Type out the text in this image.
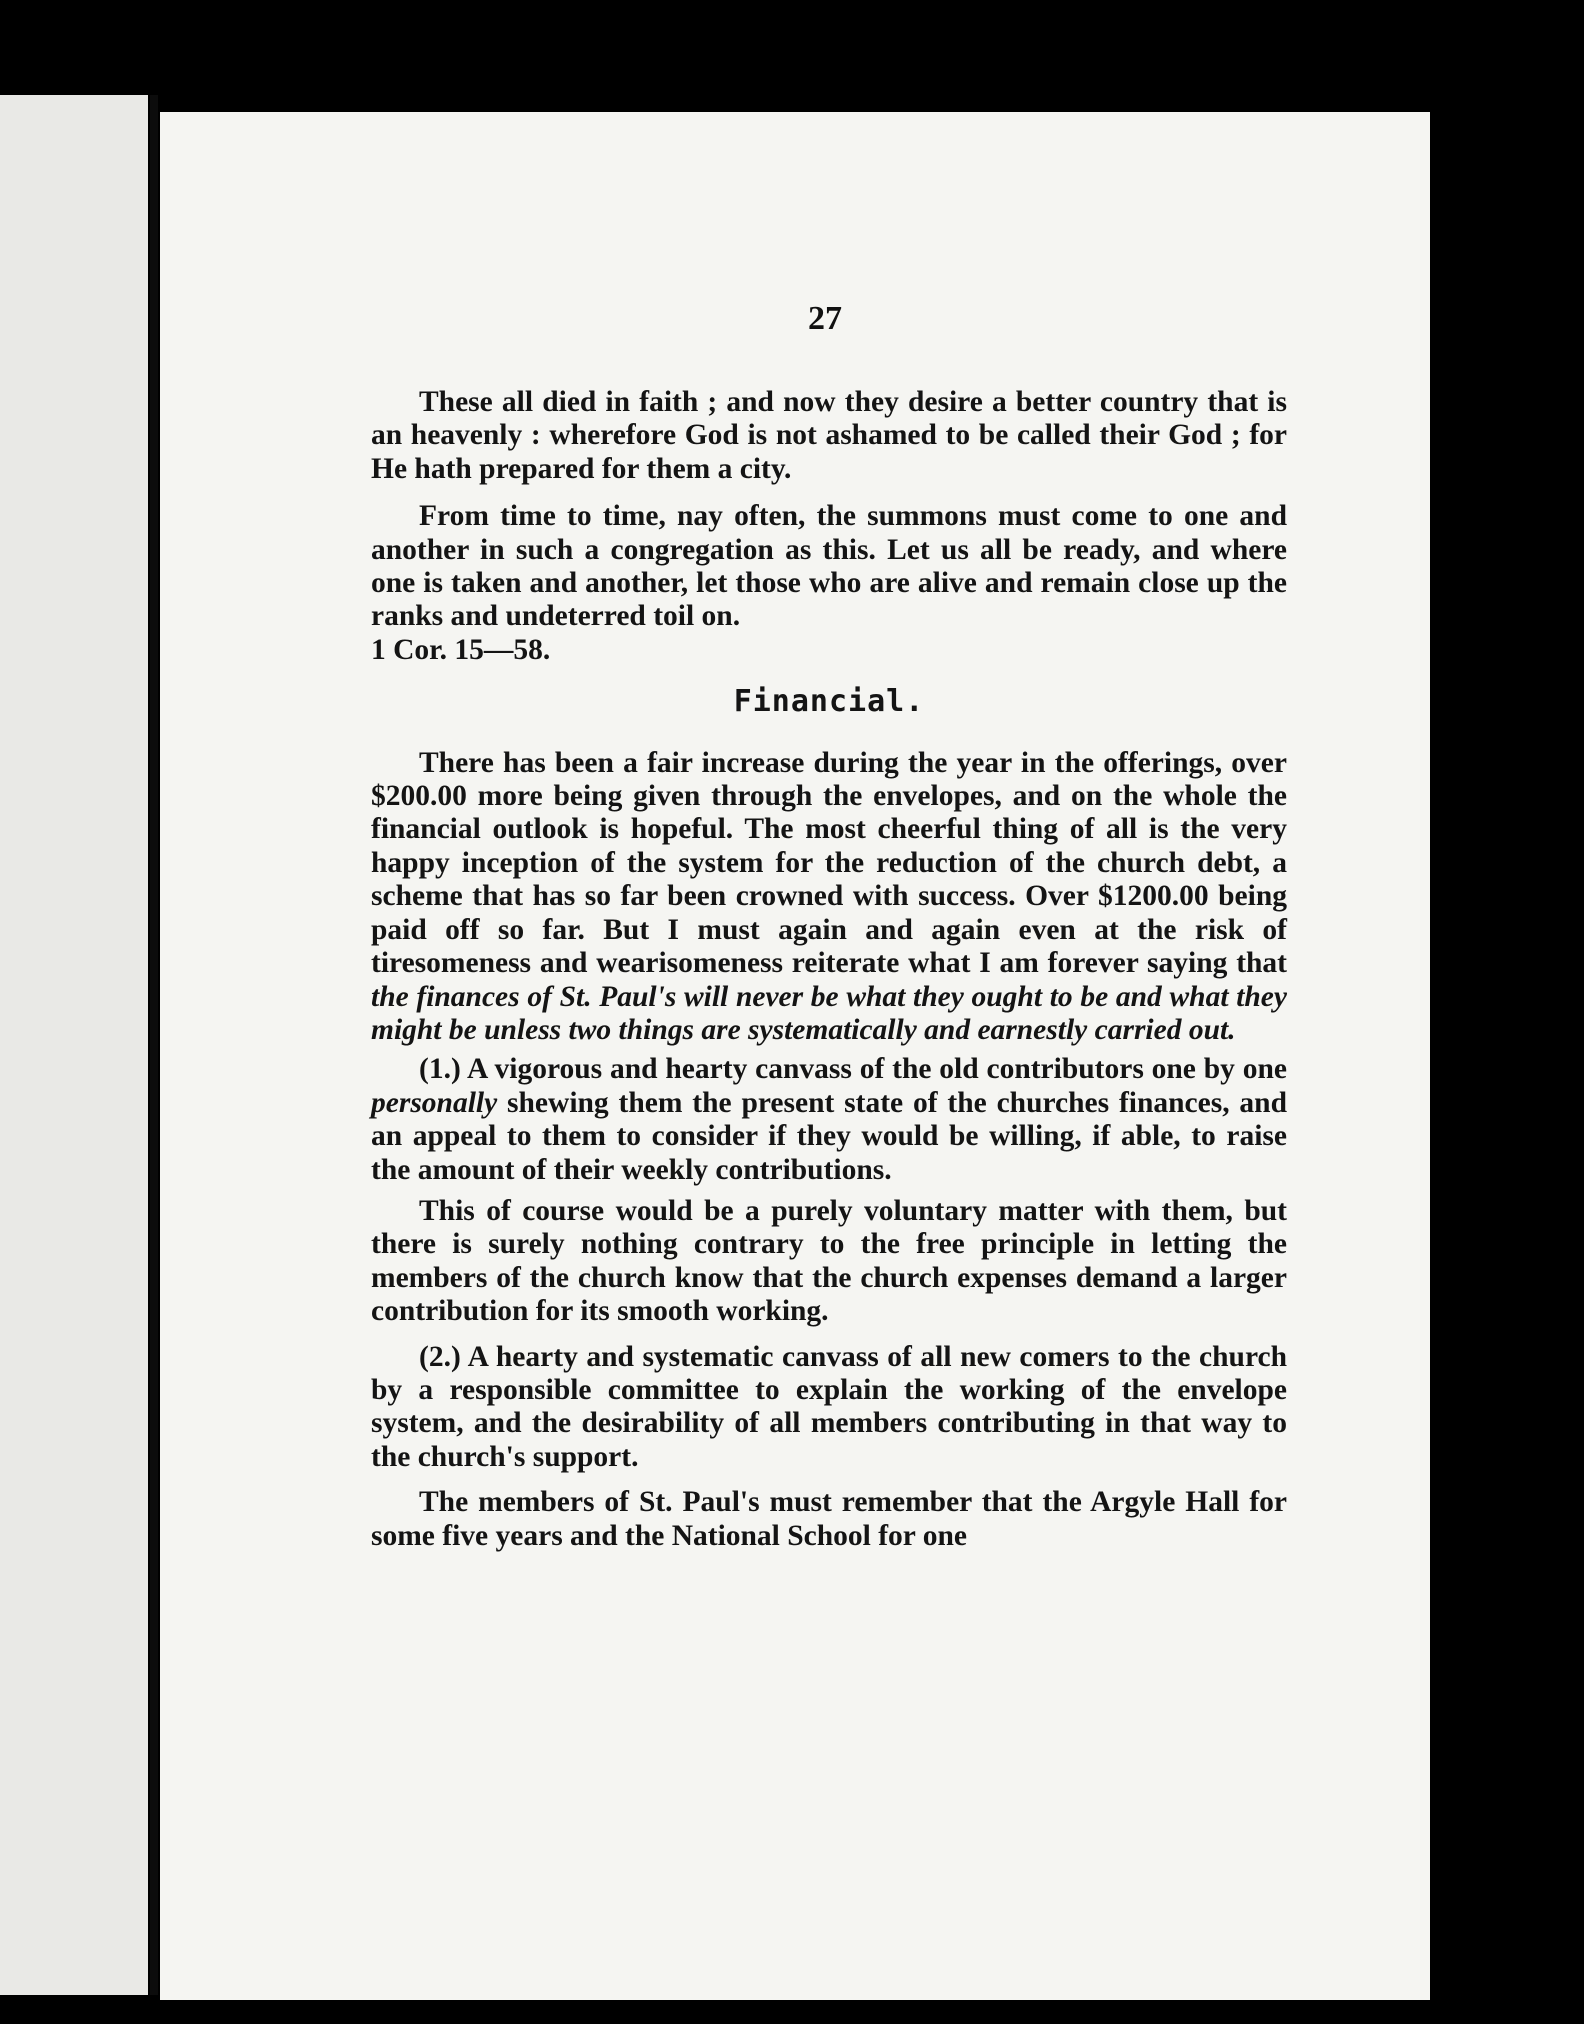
27

These all died in faith ; and now they desire a better country that is an heavenly : wherefore God is not ashamed to be called their God ; for He hath prepared for them a city.

From time to time, nay often, the summons must come to one and another in such a congregation as this. Let us all be ready, and where one is taken and another, let those who are alive and remain close up the ranks and undeterred toil on.

1 Cor. 15—58.

Financial.

There has been a fair increase during the year in the offerings, over $200.00 more being given through the envelopes, and on the whole the financial outlook is hopeful. The most cheerful thing of all is the very happy inception of the system for the reduction of the church debt, a scheme that has so far been crowned with success. Over $1200.00 being paid off so far. But I must again and again even at the risk of tiresomeness and wearisomeness reiterate what I am forever saying that the finances of St. Paul's will never be what they ought to be and what they might be unless two things are systematically and earnestly carried out.

(1.) A vigorous and hearty canvass of the old contributors one by one personally shewing them the present state of the churches finances, and an appeal to them to consider if they would be willing, if able, to raise the amount of their weekly contributions.

This of course would be a purely voluntary matter with them, but there is surely nothing contrary to the free principle in letting the members of the church know that the church expenses demand a larger contribution for its smooth working.

(2.) A hearty and systematic canvass of all new comers to the church by a responsible committee to explain the working of the envelope system, and the desirability of all members contributing in that way to the church's support.

The members of St. Paul's must remember that the Argyle Hall for some five years and the National School for one
